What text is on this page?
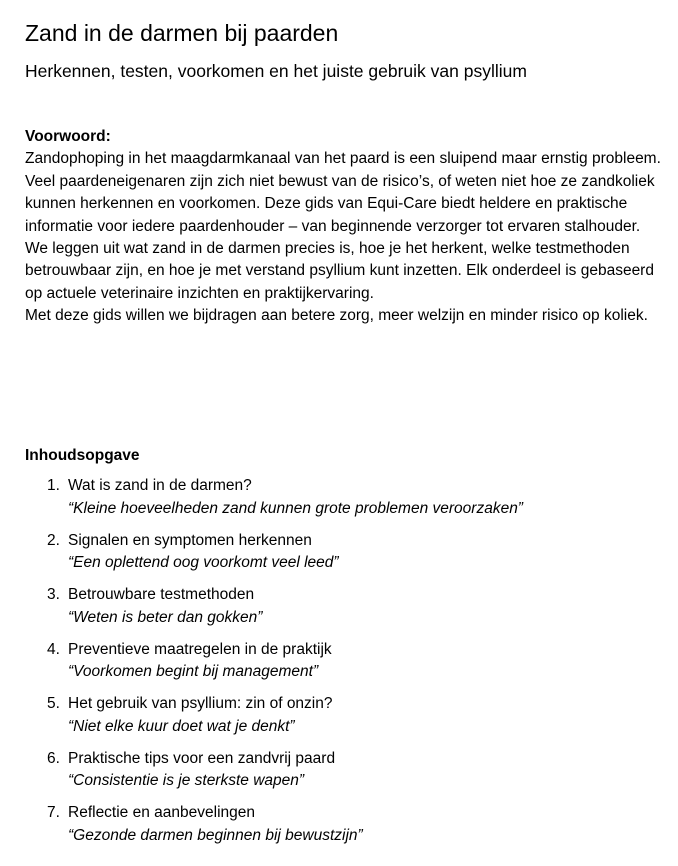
Zand in de darmen bij paarden
Herkennen, testen, voorkomen en het juiste gebruik van psyllium
Voorwoord:

Zandophoping in het maagdarmkanaal van het paard is een sluipend maar ernstig probleem. Veel paardeneigenaren zijn zich niet bewust van de risico’s, of weten niet hoe ze zandkoliek kunnen herkennen en voorkomen. Deze gids van Equi-Care biedt heldere en praktische informatie voor iedere paardenhouder – van beginnende verzorger tot ervaren stalhouder.

We leggen uit wat zand in de darmen precies is, hoe je het herkent, welke testmethoden betrouwbaar zijn, en hoe je met verstand psyllium kunt inzetten. Elk onderdeel is gebaseerd op actuele veterinaire inzichten en praktijkervaring.

Met deze gids willen we bijdragen aan betere zorg, meer welzijn en minder risico op koliek.

Inhoudsopgave

1. Wat is zand in de darmen?
“Kleine hoeveelheden zand kunnen grote problemen veroorzaken”
2. Signalen en symptomen herkennen
“Een oplettend oog voorkomt veel leed”
3. Betrouwbare testmethoden
“Weten is beter dan gokken”
4. Preventieve maatregelen in de praktijk
“Voorkomen begint bij management”
5. Het gebruik van psyllium: zin of onzin?
“Niet elke kuur doet wat je denkt”
6. Praktische tips voor een zandvrij paard
“Consistentie is je sterkste wapen”
7. Reflectie en aanbevelingen
“Gezonde darmen beginnen bij bewustzijn”
